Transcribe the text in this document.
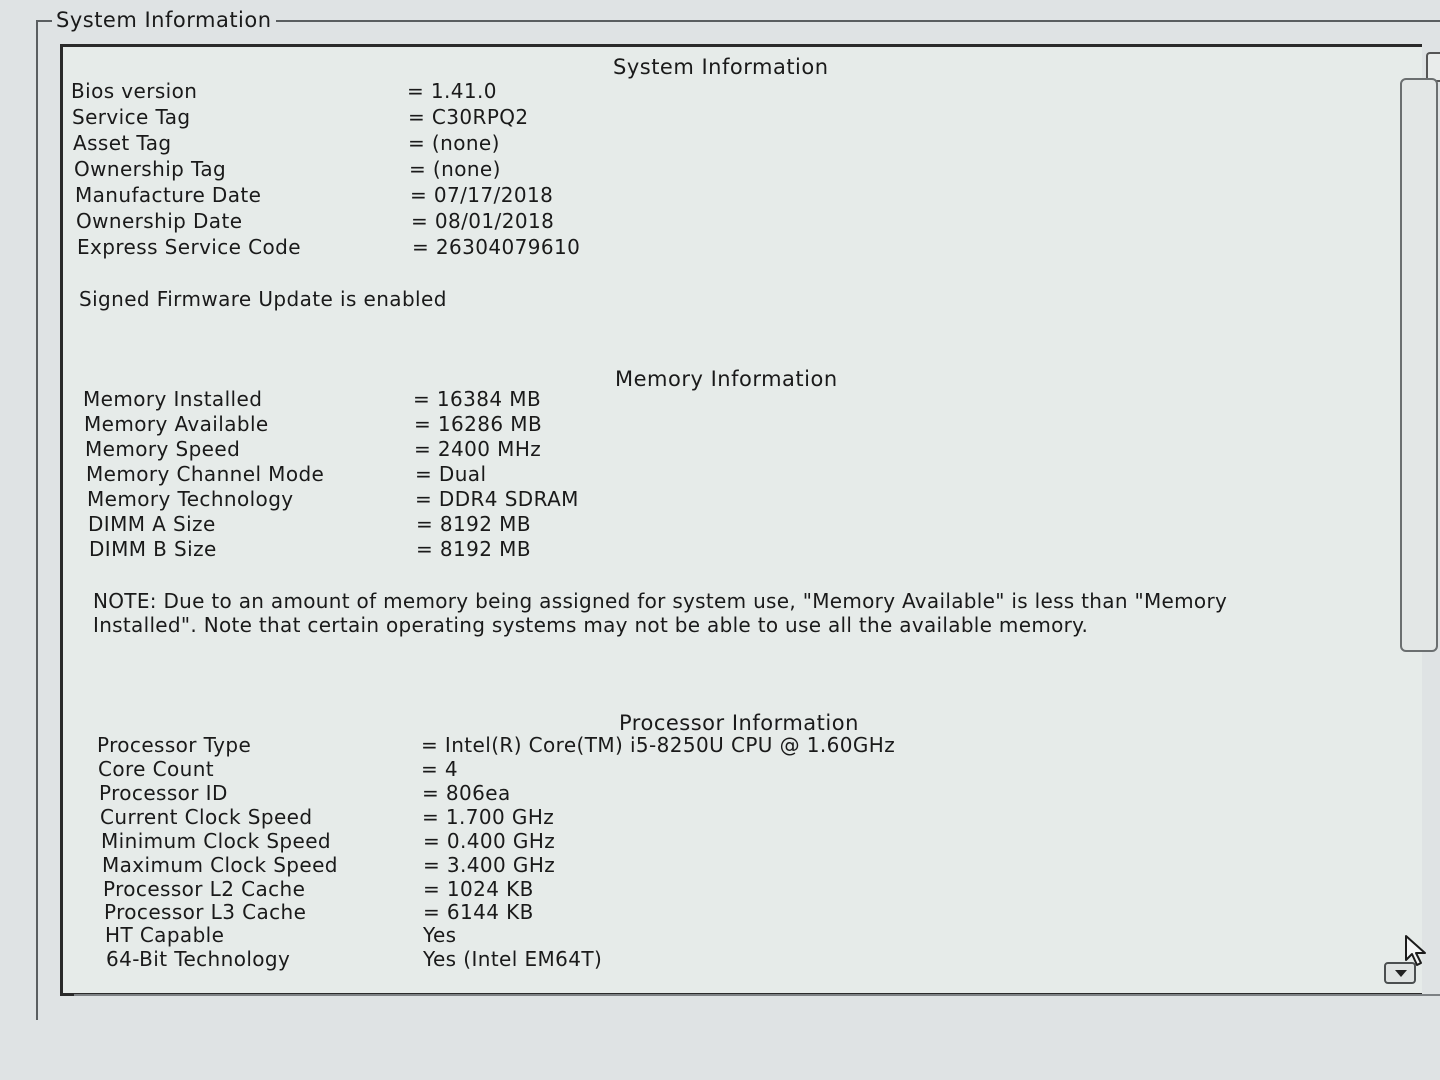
System Information
System Information
Bios version	= 1.41.0
Service Tag	= C30RPQ2
Asset Tag	= (none)
Ownership Tag	= (none)
Manufacture Date	= 07/17/2018
Ownership Date	= 08/01/2018
Express Service Code	= 26304079610
Signed Firmware Update is enabled
Memory Information
Memory Installed	= 16384 MB
Memory Available	= 16286 MB
Memory Speed	= 2400 MHz
Memory Channel Mode	= Dual
Memory Technology	= DDR4 SDRAM
DIMM A Size	= 8192 MB
DIMM B Size	= 8192 MB
NOTE: Due to an amount of memory being assigned for system use, "Memory Available" is less than "Memory Installed". Note that certain operating systems may not be able to use all the available memory.
Processor Information
Processor Type	= Intel(R) Core(TM) i5-8250U CPU @ 1.60GHz
Core Count	= 4
Processor ID	= 806ea
Current Clock Speed	= 1.700 GHz
Minimum Clock Speed	= 0.400 GHz
Maximum Clock Speed	= 3.400 GHz
Processor L2 Cache	= 1024 KB
Processor L3 Cache	= 6144 KB
HT Capable	Yes
64-Bit Technology	Yes (Intel EM64T)
